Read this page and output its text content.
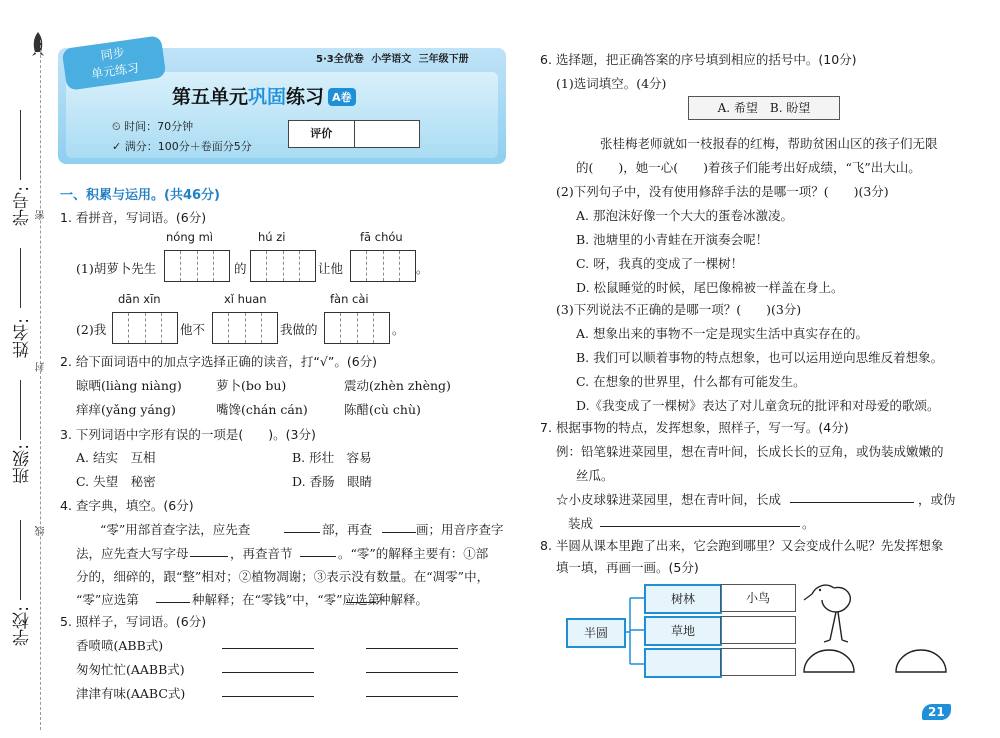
学号: 密
姓名:
封
班级:
线
学校:
同步
单元练习
5·3全优卷 小学语文 三年级下册
第五单元巩固练习 A卷
⏲ 时间：70分钟
✓ 满分：100分＋卷面分5分
评价
一、积累与运用。(共46分)
1. 看拼音，写词语。(6分)
nóng mì	hú zi	fā chóu
(1)胡萝卜先生	的	让他	。
dān xīn	xǐ huan	fàn cài
(2)我	他不	我做的	。
2. 给下面词语中的加点字选择正确的读音，打“√”。(6分)
晾晒(liàng niàng)	萝卜(bo bu)	震动(zhèn zhèng)
痒痒(yǎng yáng)	嘴馋(chán cán)	陈醋(cù chù)
3. 下列词语中字形有误的一项是(　　)。(3分)
A. 结实　互相	B. 形壮　容易
C. 失望　秘密	D. 香肠　眼睛
4. 查字典，填空。(6分)
“零”用部首查字法，应先查	部，再查	画；用音序查字
法，应先查大写字母	，再查音节	。“零”的解释主要有：①部
分的，细碎的，跟“整”相对；②植物凋谢；③表示没有数量。在“凋零”中，
“零”应选第	种解释；在“零钱”中，“零”应选第
种解释。
5. 照样子，写词语。(6分)
香喷喷(ABB式)
匆匆忙忙(AABB式)
津津有味(AABC式)
6. 选择题，把正确答案的序号填到相应的括号中。(10分)
(1)选词填空。(4分)
A. 希望　B. 盼望
张桂梅老师就如一枝报春的红梅，帮助贫困山区的孩子们无限
的(　　)，她一心(　　)着孩子们能考出好成绩，“飞”出大山。
(2)下列句子中，没有使用修辞手法的是哪一项？(　　)(3分)
A. 那泡沫好像一个大大的蛋卷冰激凌。
B. 池塘里的小青蛙在开演奏会呢！
C. 呀，我真的变成了一棵树！
D. 松鼠睡觉的时候，尾巴像棉被一样盖在身上。
(3)下列说法不正确的是哪一项？(　　)(3分)
A. 想象出来的事物不一定是现实生活中真实存在的。
B. 我们可以顺着事物的特点想象，也可以运用逆向思维反着想象。
C. 在想象的世界里，什么都有可能发生。
D.《我变成了一棵树》表达了对儿童贪玩的批评和对母爱的歌颂。
7. 根据事物的特点，发挥想象，照样子，写一写。(4分)
例：铅笔躲进菜园里，想在青叶间，长成长长的豆角，或伪装成嫩嫩的
丝瓜。
☆小皮球躲进菜园里，想在青叶间，长成	，或伪
装成	。
8. 半圆从课本里跑了出来，它会跑到哪里？又会变成什么呢？先发挥想象
填一填，再画一画。(5分)
半圆
树林	小鸟
草地
21
